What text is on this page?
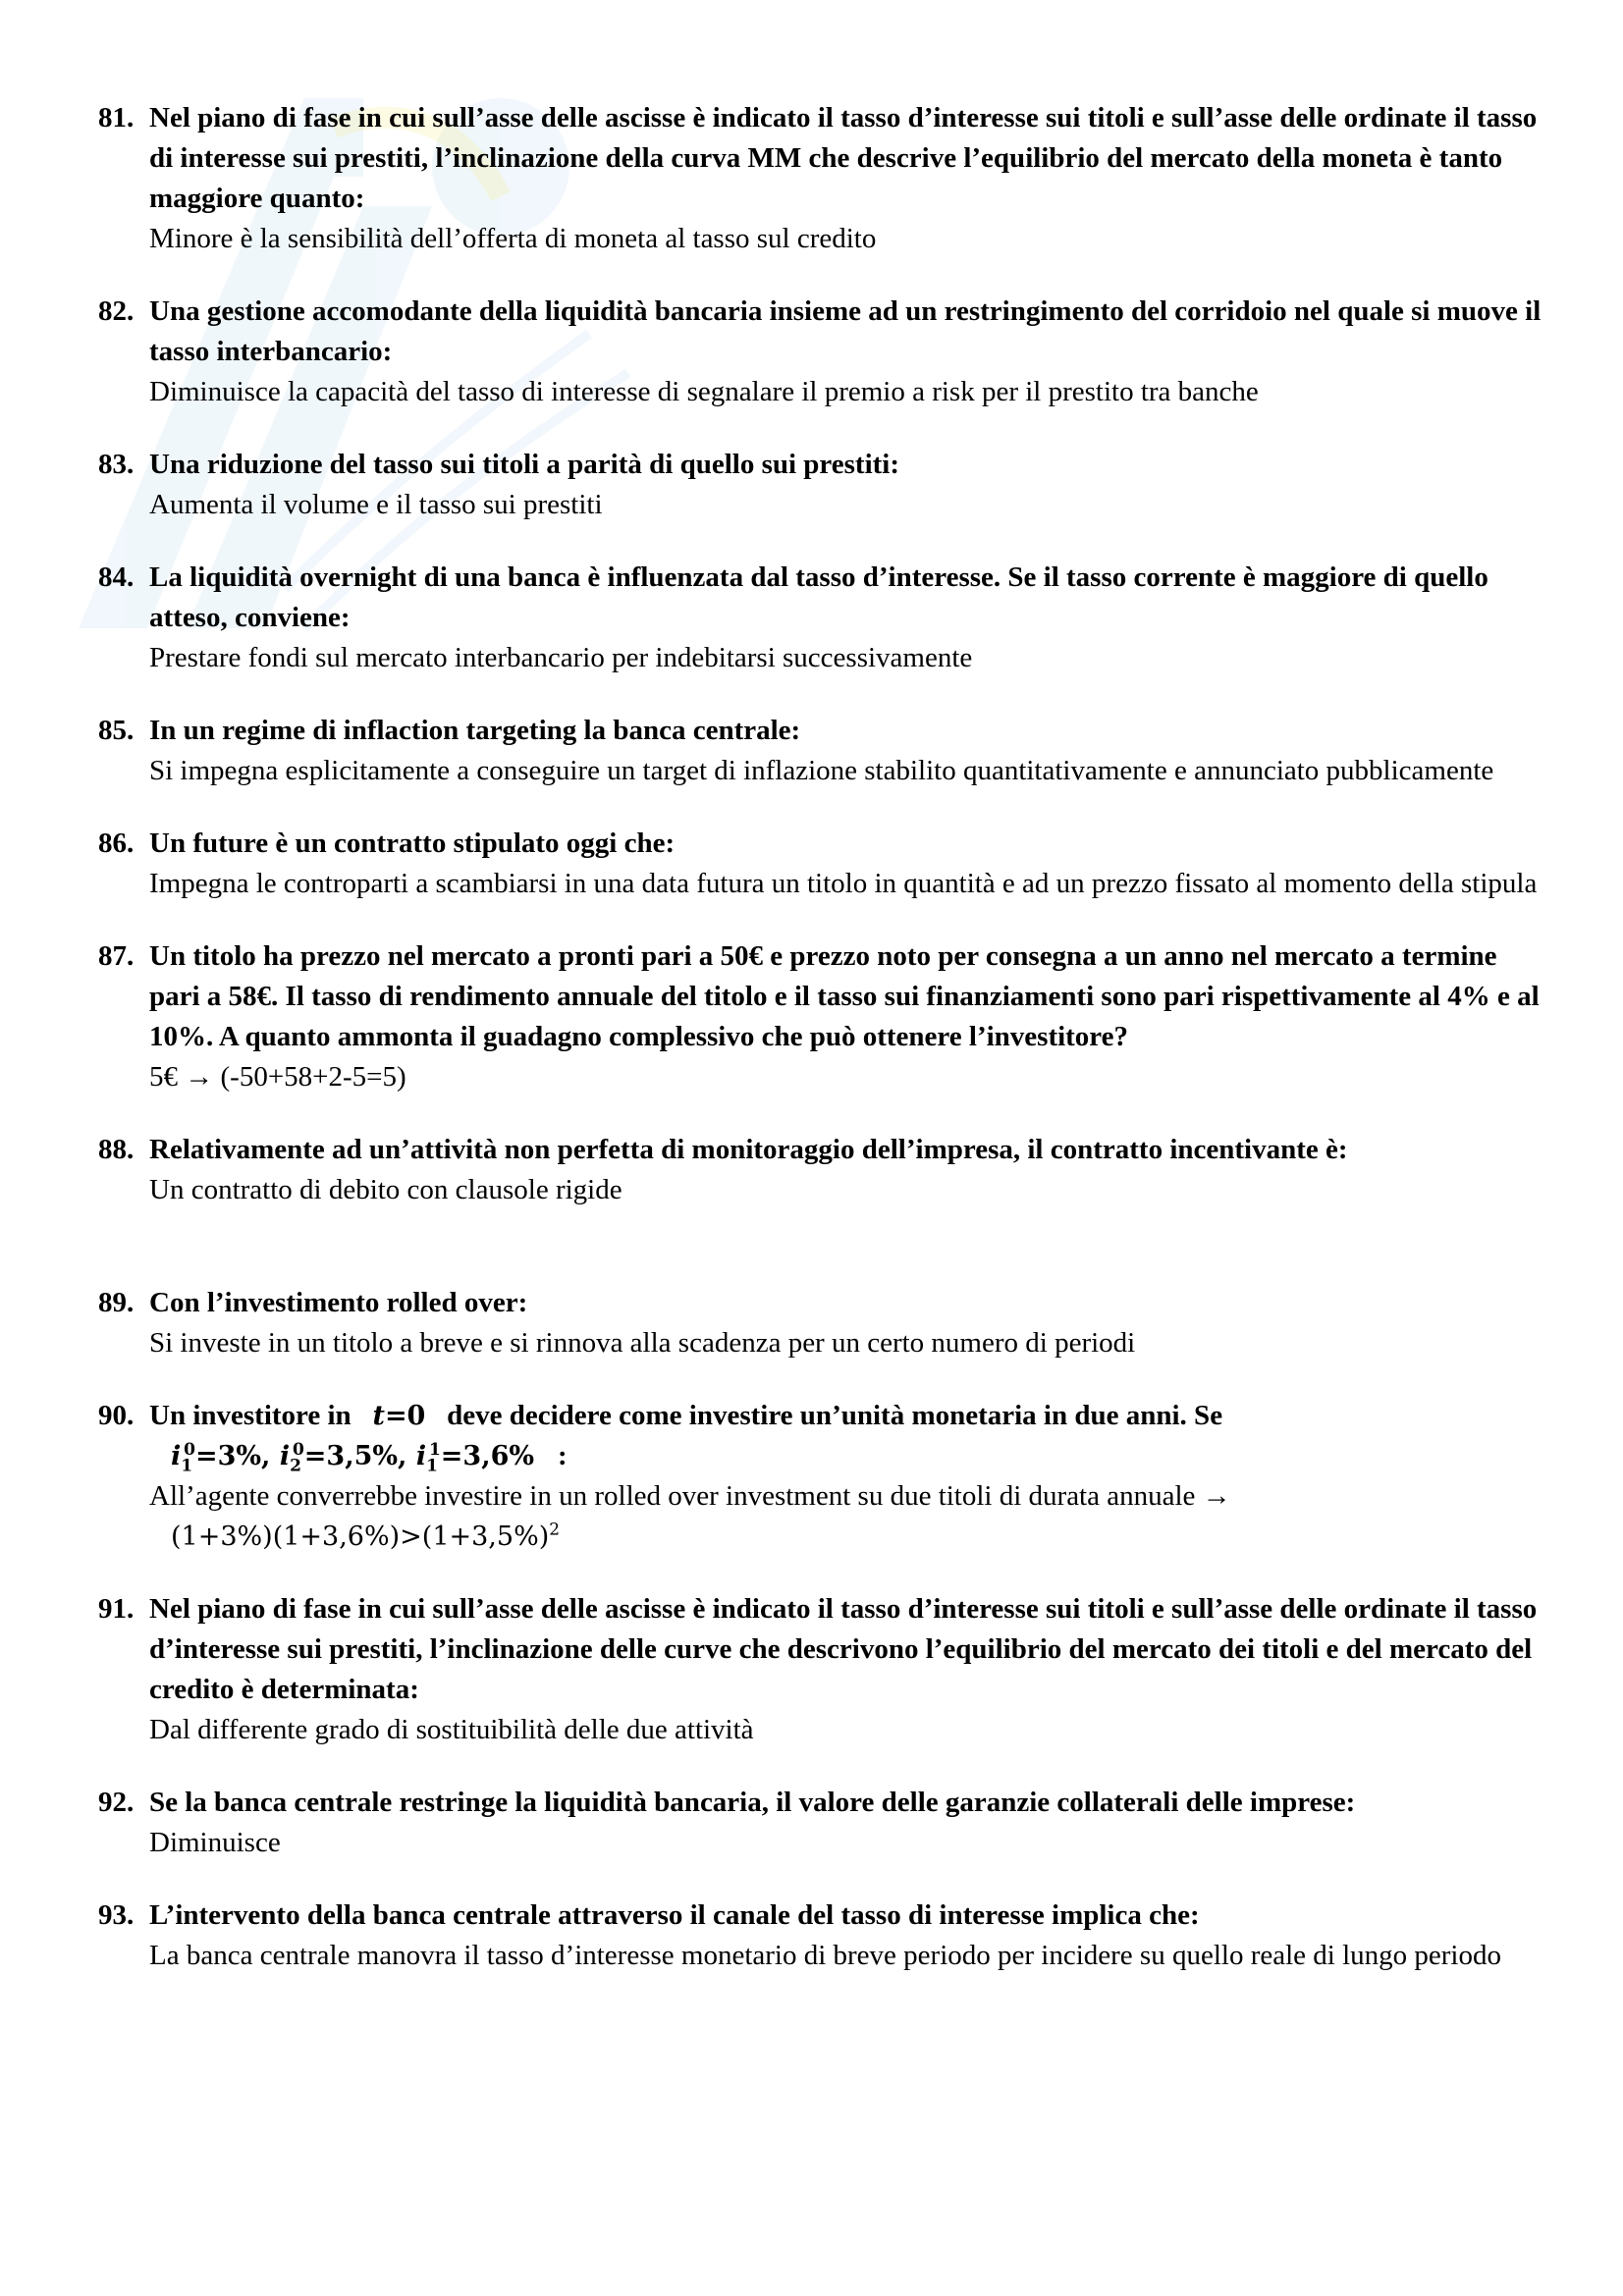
81. Nel piano di fase in cui sull’asse delle ascisse è indicato il tasso d’interesse sui titoli e sull’asse delle ordinate il tasso di interesse sui prestiti, l’inclinazione della curva MM che descrive l’equilibrio del mercato della moneta è tanto maggiore quanto:
Minore è la sensibilità dell’offerta di moneta al tasso sul credito
82. Una gestione accomodante della liquidità bancaria insieme ad un restringimento del corridoio nel quale si muove il tasso interbancario:
Diminuisce la capacità del tasso di interesse di segnalare il premio a risk per il prestito tra banche
83. Una riduzione del tasso sui titoli a parità di quello sui prestiti:
Aumenta il volume e il tasso sui prestiti
84. La liquidità overnight di una banca è influenzata dal tasso d’interesse. Se il tasso corrente è maggiore di quello atteso, conviene:
Prestare fondi sul mercato interbancario per indebitarsi successivamente
85. In un regime di inflaction targeting la banca centrale:
Si impegna esplicitamente a conseguire un target di inflazione stabilito quantitativamente e annunciato pubblicamente
86. Un future è un contratto stipulato oggi che:
Impegna le controparti a scambiarsi in una data futura un titolo in quantità e ad un prezzo fissato al momento della stipula
87. Un titolo ha prezzo nel mercato a pronti pari a 50€ e prezzo noto per consegna a un anno nel mercato a termine pari a 58€. Il tasso di rendimento annuale del titolo e il tasso sui finanziamenti sono pari rispettivamente al 4% e al 10%. A quanto ammonta il guadagno complessivo che può ottenere l’investitore?
5€ → (-50+58+2-5=5)
88. Relativamente ad un’attività non perfetta di monitoraggio dell’impresa, il contratto incentivante è:
Un contratto di debito con clausole rigide
89. Con l’investimento rolled over:
Si investe in un titolo a breve e si rinnova alla scadenza per un certo numero di periodi
90. Un investitore in t=0 deve decidere come investire un’unità monetaria in due anni. Se
$i_1^0=3\%$, $i_2^0=3,5\%$, $i_1^1=3,6\%$ :
All’agente converrebbe investire in un rolled over investment su due titoli di durata annuale →
$(1+3\%)(1+3,6\%)>(1+3,5\%)^2$
91. Nel piano di fase in cui sull’asse delle ascisse è indicato il tasso d’interesse sui titoli e sull’asse delle ordinate il tasso d’interesse sui prestiti, l’inclinazione delle curve che descrivono l’equilibrio del mercato dei titoli e del mercato del credito è determinata:
Dal differente grado di sostituibilità delle due attività
92. Se la banca centrale restringe la liquidità bancaria, il valore delle garanzie collaterali delle imprese:
Diminuisce
93. L’intervento della banca centrale attraverso il canale del tasso di interesse implica che:
La banca centrale manovra il tasso d’interesse monetario di breve periodo per incidere su quello reale di lungo periodo
